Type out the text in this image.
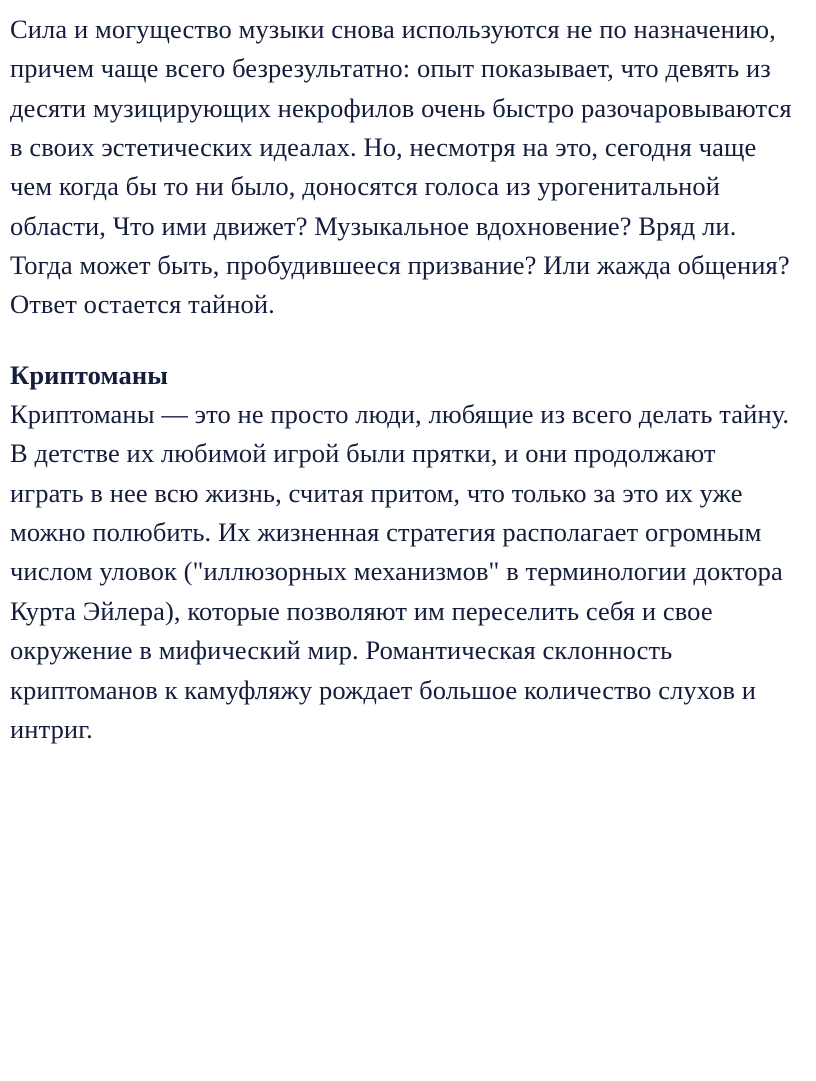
Сила и могущество музыки снова используются не по назначению, причем чаще всего безрезультатно: опыт показывает, что девять из десяти музицирующих некрофилов очень быстро разочаровываются в своих эстетических идеалах. Но, несмотря на это, сегодня чаще чем когда бы то ни было, доносятся голоса из урогенитальной области, Что ими движет? Музыкальное вдохновение? Вряд ли. Тогда может быть, пробудившееся призвание? Или жажда общения? Ответ остается тайной.

Криптоманы

Криптоманы — это не просто люди, любящие из всего делать тайну. В детстве их любимой игрой были прятки, и они продолжают играть в нее всю жизнь, считая притом, что только за это их уже можно полюбить. Их жизненная стратегия располагает огромным числом уловок ("иллюзорных механизмов" в терминологии доктора Курта Эйлера), которые позволяют им переселить себя и свое окружение в мифический мир. Романтическая склонность криптоманов к камуфляжу рождает большое количество слухов и интриг.
